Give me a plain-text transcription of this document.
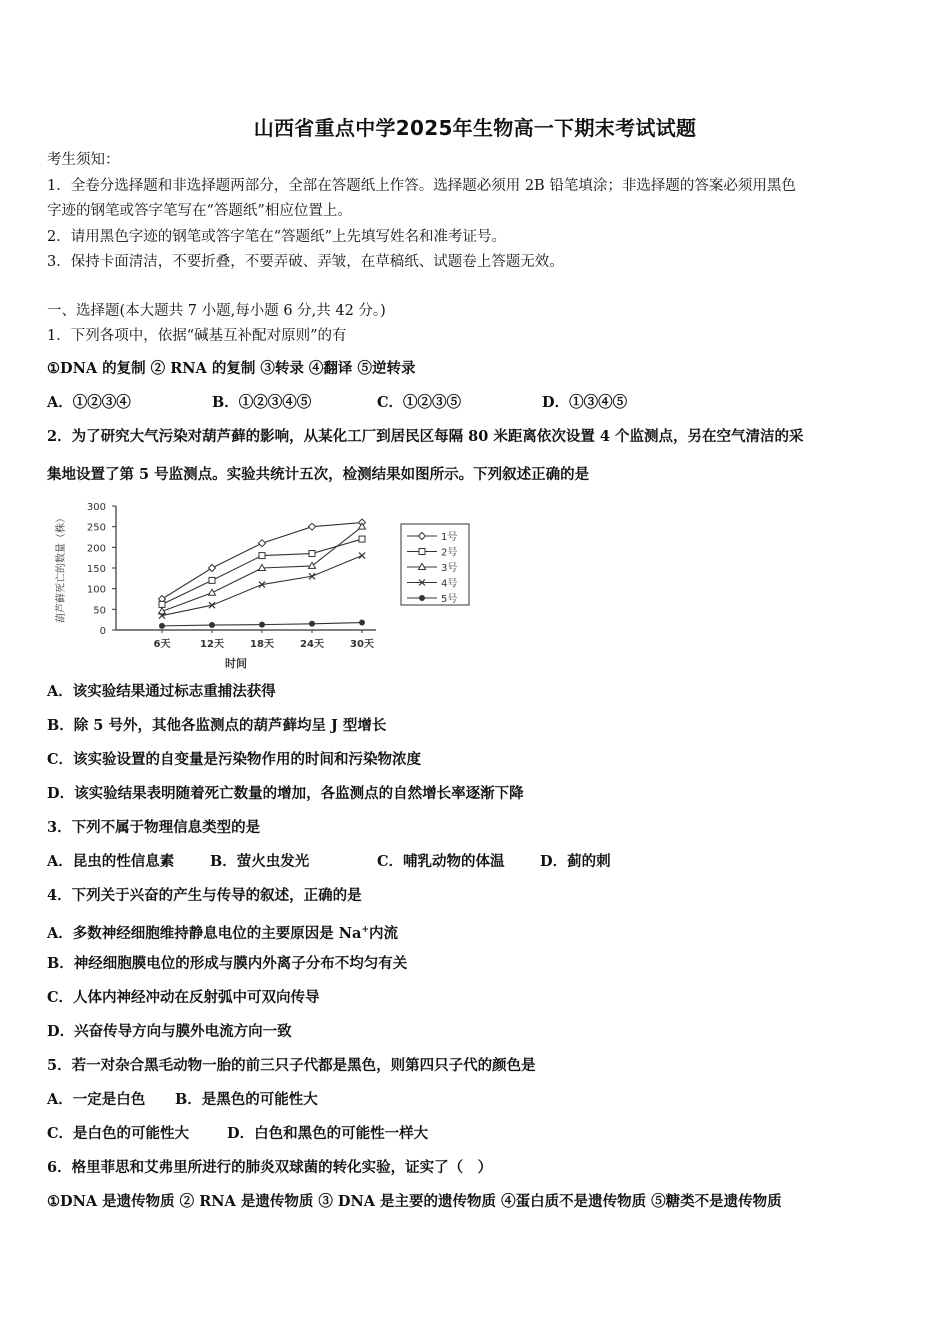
山西省重点中学2025年生物高一下期末考试试题
考生须知：
1．全卷分选择题和非选择题两部分，全部在答题纸上作答。选择题必须用 2B 铅笔填涂；非选择题的答案必须用黑色
字迹的钢笔或答字笔写在“答题纸”相应位置上。
2．请用黑色字迹的钢笔或答字笔在“答题纸”上先填写姓名和准考证号。
3．保持卡面清洁，不要折叠，不要弄破、弄皱，在草稿纸、试题卷上答题无效。
一、选择题(本大题共 7 小题,每小题 6 分,共 42 分。)
1．下列各项中，依据“碱基互补配对原则”的有
①DNA 的复制 ② RNA 的复制 ③转录 ④翻译 ⑤逆转录
A．①②③④	B．①②③④⑤	C．①②③⑤	D．①③④⑤
2．为了研究大气污染对葫芦藓的影响，从某化工厂到居民区每隔 80 米距离依次设置 4 个监测点，另在空气清洁的采
集地设置了第 5 号监测点。实验共统计五次，检测结果如图所示。下列叙述正确的是
0
50
100
150
200
250
300
6天	12天	18天	24天	30天
时间
葫芦藓死亡的数量（株）	1号
2号
3号
4号
5号
A．该实验结果通过标志重捕法获得
B．除 5 号外，其他各监测点的葫芦藓均呈 J 型增长
C．该实验设置的自变量是污染物作用的时间和污染物浓度
D．该实验结果表明随着死亡数量的增加，各监测点的自然增长率逐渐下降
3．下列不属于物理信息类型的是
A．昆虫的性信息素	B．萤火虫发光	C．哺乳动物的体温	D．蓟的刺
4．下列关于兴奋的产生与传导的叙述，正确的是
A．多数神经细胞维持静息电位的主要原因是 Na+内流
B．神经细胞膜电位的形成与膜内外离子分布不均匀有关
C．人体内神经冲动在反射弧中可双向传导
D．兴奋传导方向与膜外电流方向一致
5．若一对杂合黑毛动物一胎的前三只子代都是黑色，则第四只子代的颜色是
A．一定是白色	B．是黑色的可能性大
C．是白色的可能性大	D．白色和黑色的可能性一样大
6．格里菲思和艾弗里所进行的肺炎双球菌的转化实验，证实了（　）
①DNA 是遗传物质 ② RNA 是遗传物质 ③ DNA 是主要的遗传物质 ④蛋白质不是遗传物质 ⑤糖类不是遗传物质
